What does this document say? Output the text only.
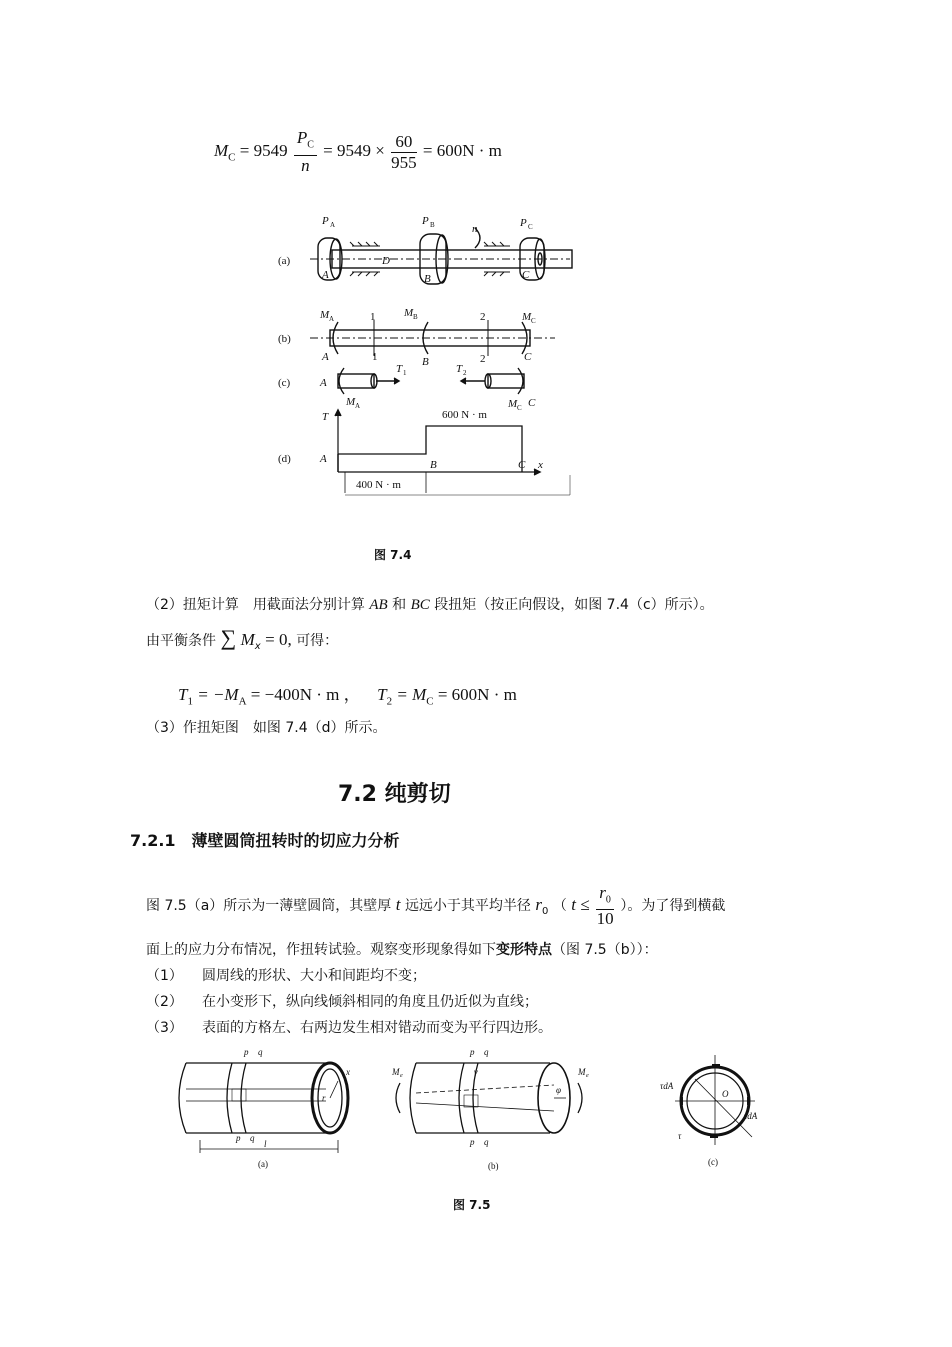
$M_C = 9549 \frac{P_C}{n} = 9549 \times \frac{60}{955} = 600N \cdot m$
(a)
(b)
(c)
(d)
P A	P B	P C
n
A
D
B	C
M A	M B	M C
1	2
A	1	B	2	C
T 1	T 2
A
M A	M C C
T	600 N · m
A	B	C x
400 N · m
图 7.4
（2）扭矩计算　用截面法分别计算 AB 和 BC 段扭矩（按正向假设，如图 7.4（c）所示）。
由平衡条件 ∑ $M_x = 0$, 可得：
$T_1 = -M_A = -400N \cdot m$ ， $T_2 = M_C = 600N \cdot m$
（3）作扭矩图　如图 7.4（d）所示。
7.2 纯剪切
7.2.1　薄壁圆筒扭转时的切应力分析
图 7.5（a）所示为一薄壁圆筒，其壁厚 t 远远小于其平均半径 $r_0$ （ $t \le \frac{r_0}{10}$ ）。为了得到横截
面上的应力分布情况，作扭转试验。观察变形现象得如下变形特点（图 7.5（b））：
（1） 圆周线的形状、大小和间距均不变；
（2） 在小变形下，纵向线倾斜相同的角度且仍近似为直线；
（3） 表面的方格左、右两边发生相对错动而变为平行四边形。
p q
p q
l
r
x
p q
γ
p q
M e	M e
φ	τdA
τdA
τ
O
(a)	(b)	(c)
图 7.5
